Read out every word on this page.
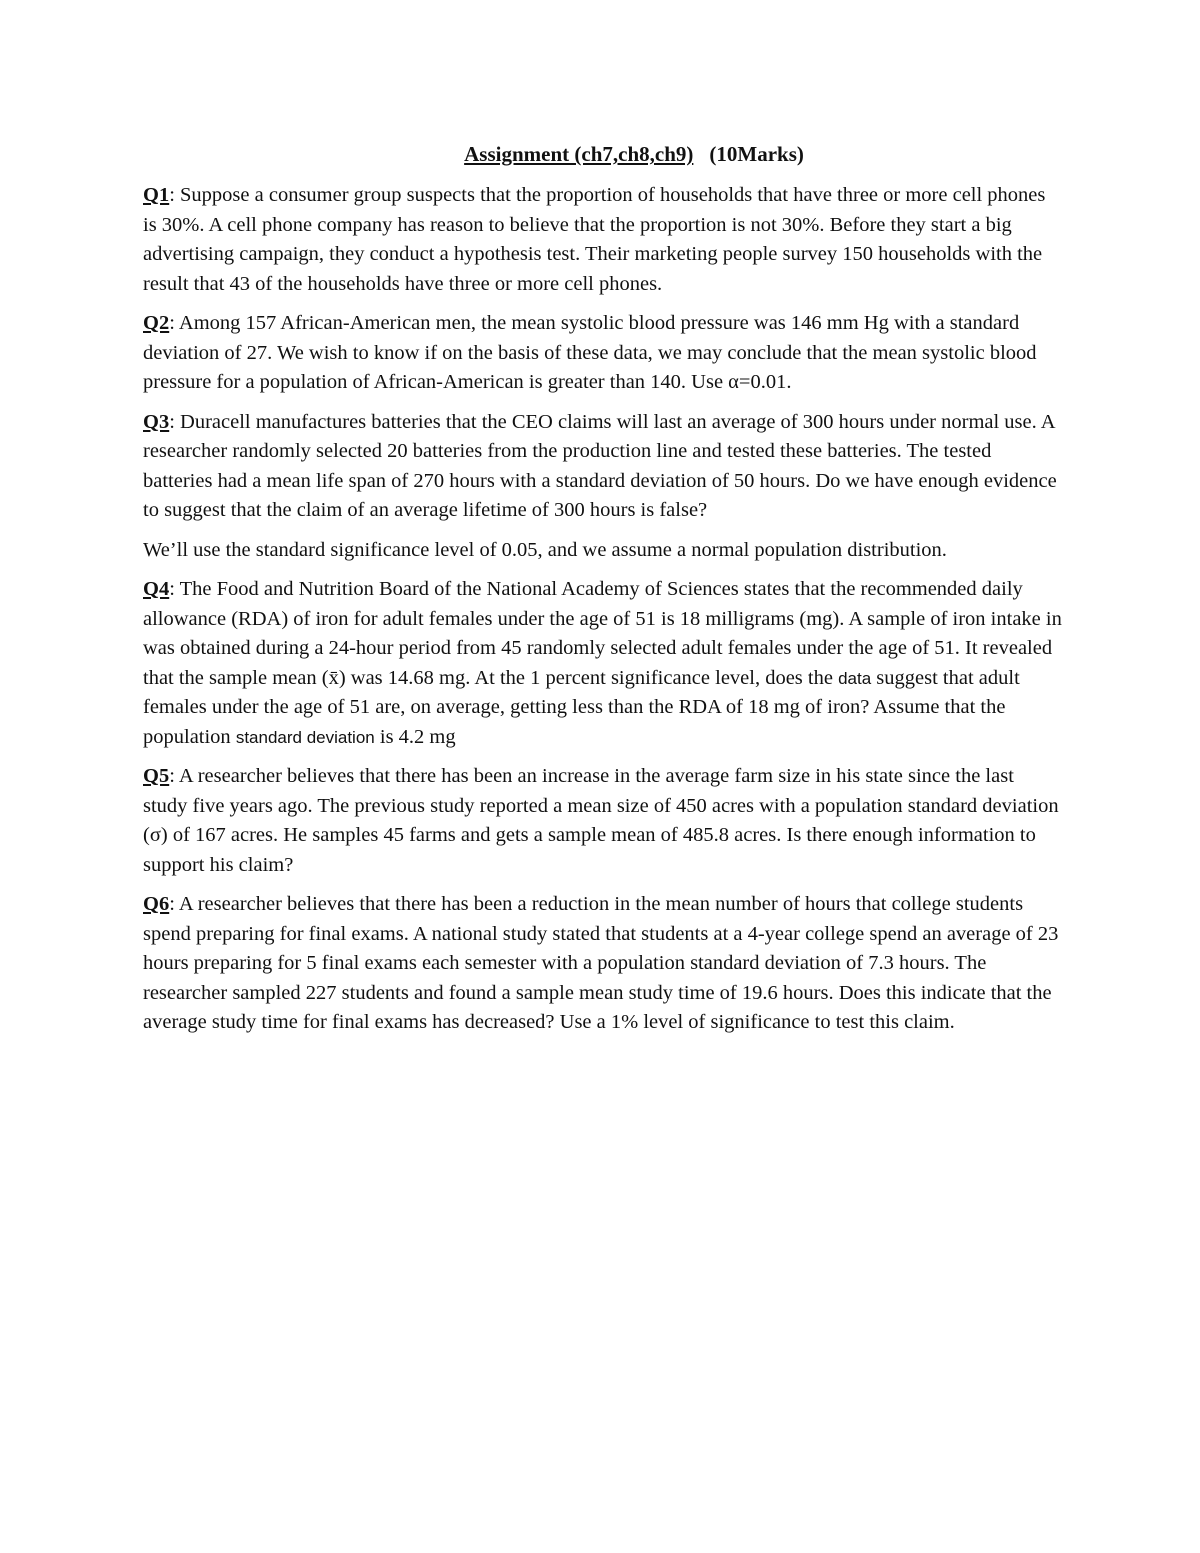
Assignment (ch7,ch8,ch9) (10Marks)

Q1: Suppose a consumer group suspects that the proportion of households that have three or more cell phones is 30%. A cell phone company has reason to believe that the proportion is not 30%. Before they start a big advertising campaign, they conduct a hypothesis test. Their marketing people survey 150 households with the result that 43 of the households have three or more cell phones.

Q2: Among 157 African-American men, the mean systolic blood pressure was 146 mm Hg with a standard deviation of 27. We wish to know if on the basis of these data, we may conclude that the mean systolic blood pressure for a population of African-American is greater than 140. Use α=0.01.

Q3: Duracell manufactures batteries that the CEO claims will last an average of 300 hours under normal use. A researcher randomly selected 20 batteries from the production line and tested these batteries. The tested batteries had a mean life span of 270 hours with a standard deviation of 50 hours. Do we have enough evidence to suggest that the claim of an average lifetime of 300 hours is false?

We’ll use the standard significance level of 0.05, and we assume a normal population distribution.

Q4: The Food and Nutrition Board of the National Academy of Sciences states that the recommended daily allowance (RDA) of iron for adult females under the age of 51 is 18 milligrams (mg). A sample of iron intake in was obtained during a 24-hour period from 45 randomly selected adult females under the age of 51. It revealed that the sample mean (x̄) was 14.68 mg. At the 1 percent significance level, does the data suggest that adult females under the age of 51 are, on average, getting less than the RDA of 18 mg of iron? Assume that the population standard deviation is 4.2 mg

Q5: A researcher believes that there has been an increase in the average farm size in his state since the last study five years ago. The previous study reported a mean size of 450 acres with a population standard deviation (σ) of 167 acres. He samples 45 farms and gets a sample mean of 485.8 acres. Is there enough information to support his claim?

Q6: A researcher believes that there has been a reduction in the mean number of hours that college students spend preparing for final exams. A national study stated that students at a 4-year college spend an average of 23 hours preparing for 5 final exams each semester with a population standard deviation of 7.3 hours. The researcher sampled 227 students and found a sample mean study time of 19.6 hours. Does this indicate that the average study time for final exams has decreased? Use a 1% level of significance to test this claim.
